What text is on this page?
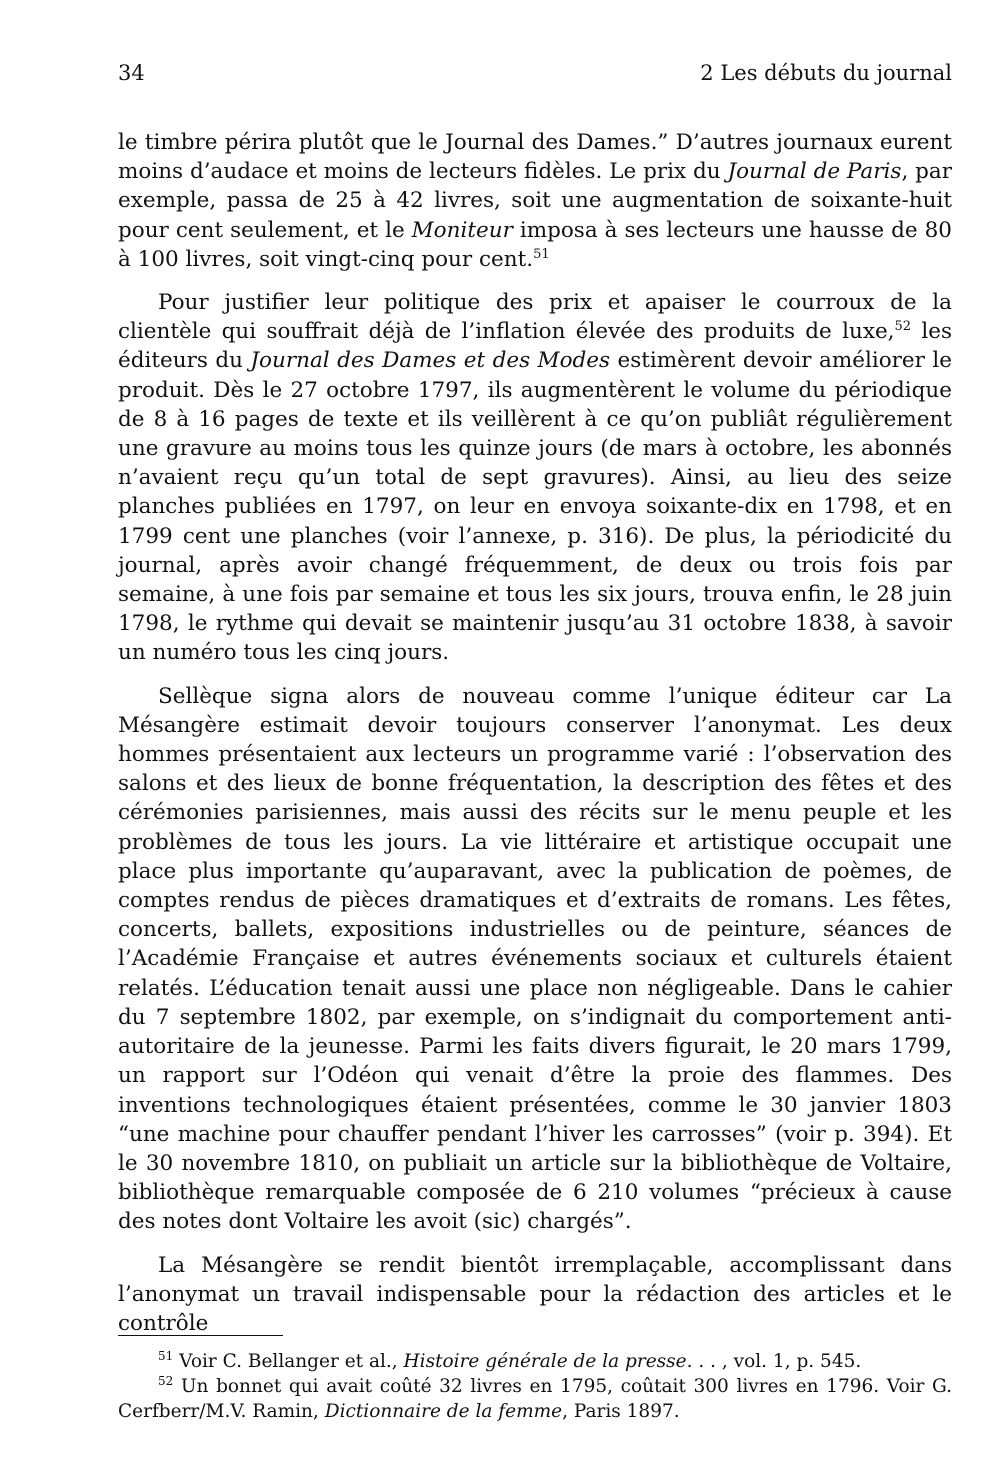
34	2 Les débuts du journal

le timbre périra plutôt que le Journal des Dames.” D’autres journaux eurent moins d’audace et moins de lecteurs fidèles. Le prix du Journal de Paris, par exemple, passa de 25 à 42 livres, soit une augmentation de soixante-huit pour cent seulement, et le Moniteur imposa à ses lecteurs une hausse de 80 à 100 livres, soit vingt-cinq pour cent.$^{51}$

Pour justifier leur politique des prix et apaiser le courroux de la clientèle qui souffrait déjà de l’inflation élevée des produits de luxe,$^{52}$ les éditeurs du Journal des Dames et des Modes estimèrent devoir améliorer le produit. Dès le 27 octobre 1797, ils augmentèrent le volume du périodique de 8 à 16 pages de texte et ils veillèrent à ce qu’on publiât régulièrement une gravure au moins tous les quinze jours (de mars à octobre, les abonnés n’avaient reçu qu’un total de sept gravures). Ainsi, au lieu des seize planches publiées en 1797, on leur en envoya soixante-dix en 1798, et en 1799 cent une planches (voir l’annexe, p. 316). De plus, la périodicité du journal, après avoir changé fréquemment, de deux ou trois fois par semaine, à une fois par semaine et tous les six jours, trouva enfin, le 28 juin 1798, le rythme qui devait se maintenir jusqu’au 31 octobre 1838, à savoir un numéro tous les cinq jours.

Sellèque signa alors de nouveau comme l’unique éditeur car La Mésangère estimait devoir toujours conserver l’anonymat. Les deux hommes présentaient aux lecteurs un programme varié : l’observation des salons et des lieux de bonne fréquentation, la description des fêtes et des cérémonies parisiennes, mais aussi des récits sur le menu peuple et les problèmes de tous les jours. La vie littéraire et artistique occupait une place plus importante qu’auparavant, avec la publication de poèmes, de comptes rendus de pièces dramatiques et d’extraits de romans. Les fêtes, concerts, ballets, expositions industrielles ou de peinture, séances de l’Académie Française et autres événements sociaux et culturels étaient relatés. L’éducation tenait aussi une place non négligeable. Dans le cahier du 7 septembre 1802, par exemple, on s’indignait du comportement anti-autoritaire de la jeunesse. Parmi les faits divers figurait, le 20 mars 1799, un rapport sur l’Odéon qui venait d’être la proie des flammes. Des inventions technologiques étaient présentées, comme le 30 janvier 1803 “une machine pour chauffer pendant l’hiver les carrosses” (voir p. 394). Et le 30 novembre 1810, on publiait un article sur la bibliothèque de Voltaire, bibliothèque remarquable composée de 6 210 volumes “précieux à cause des notes dont Voltaire les avoit (sic) chargés”.

La Mésangère se rendit bientôt irremplaçable, accomplissant dans l’anonymat un travail indispensable pour la rédaction des articles et le contrôle

$^{51}$ Voir C. Bellanger et al., Histoire générale de la presse. . . , vol. 1, p. 545.

$^{52}$ Un bonnet qui avait coûté 32 livres en 1795, coûtait 300 livres en 1796. Voir G. Cerfberr/M.V. Ramin, Dictionnaire de la femme, Paris 1897.
